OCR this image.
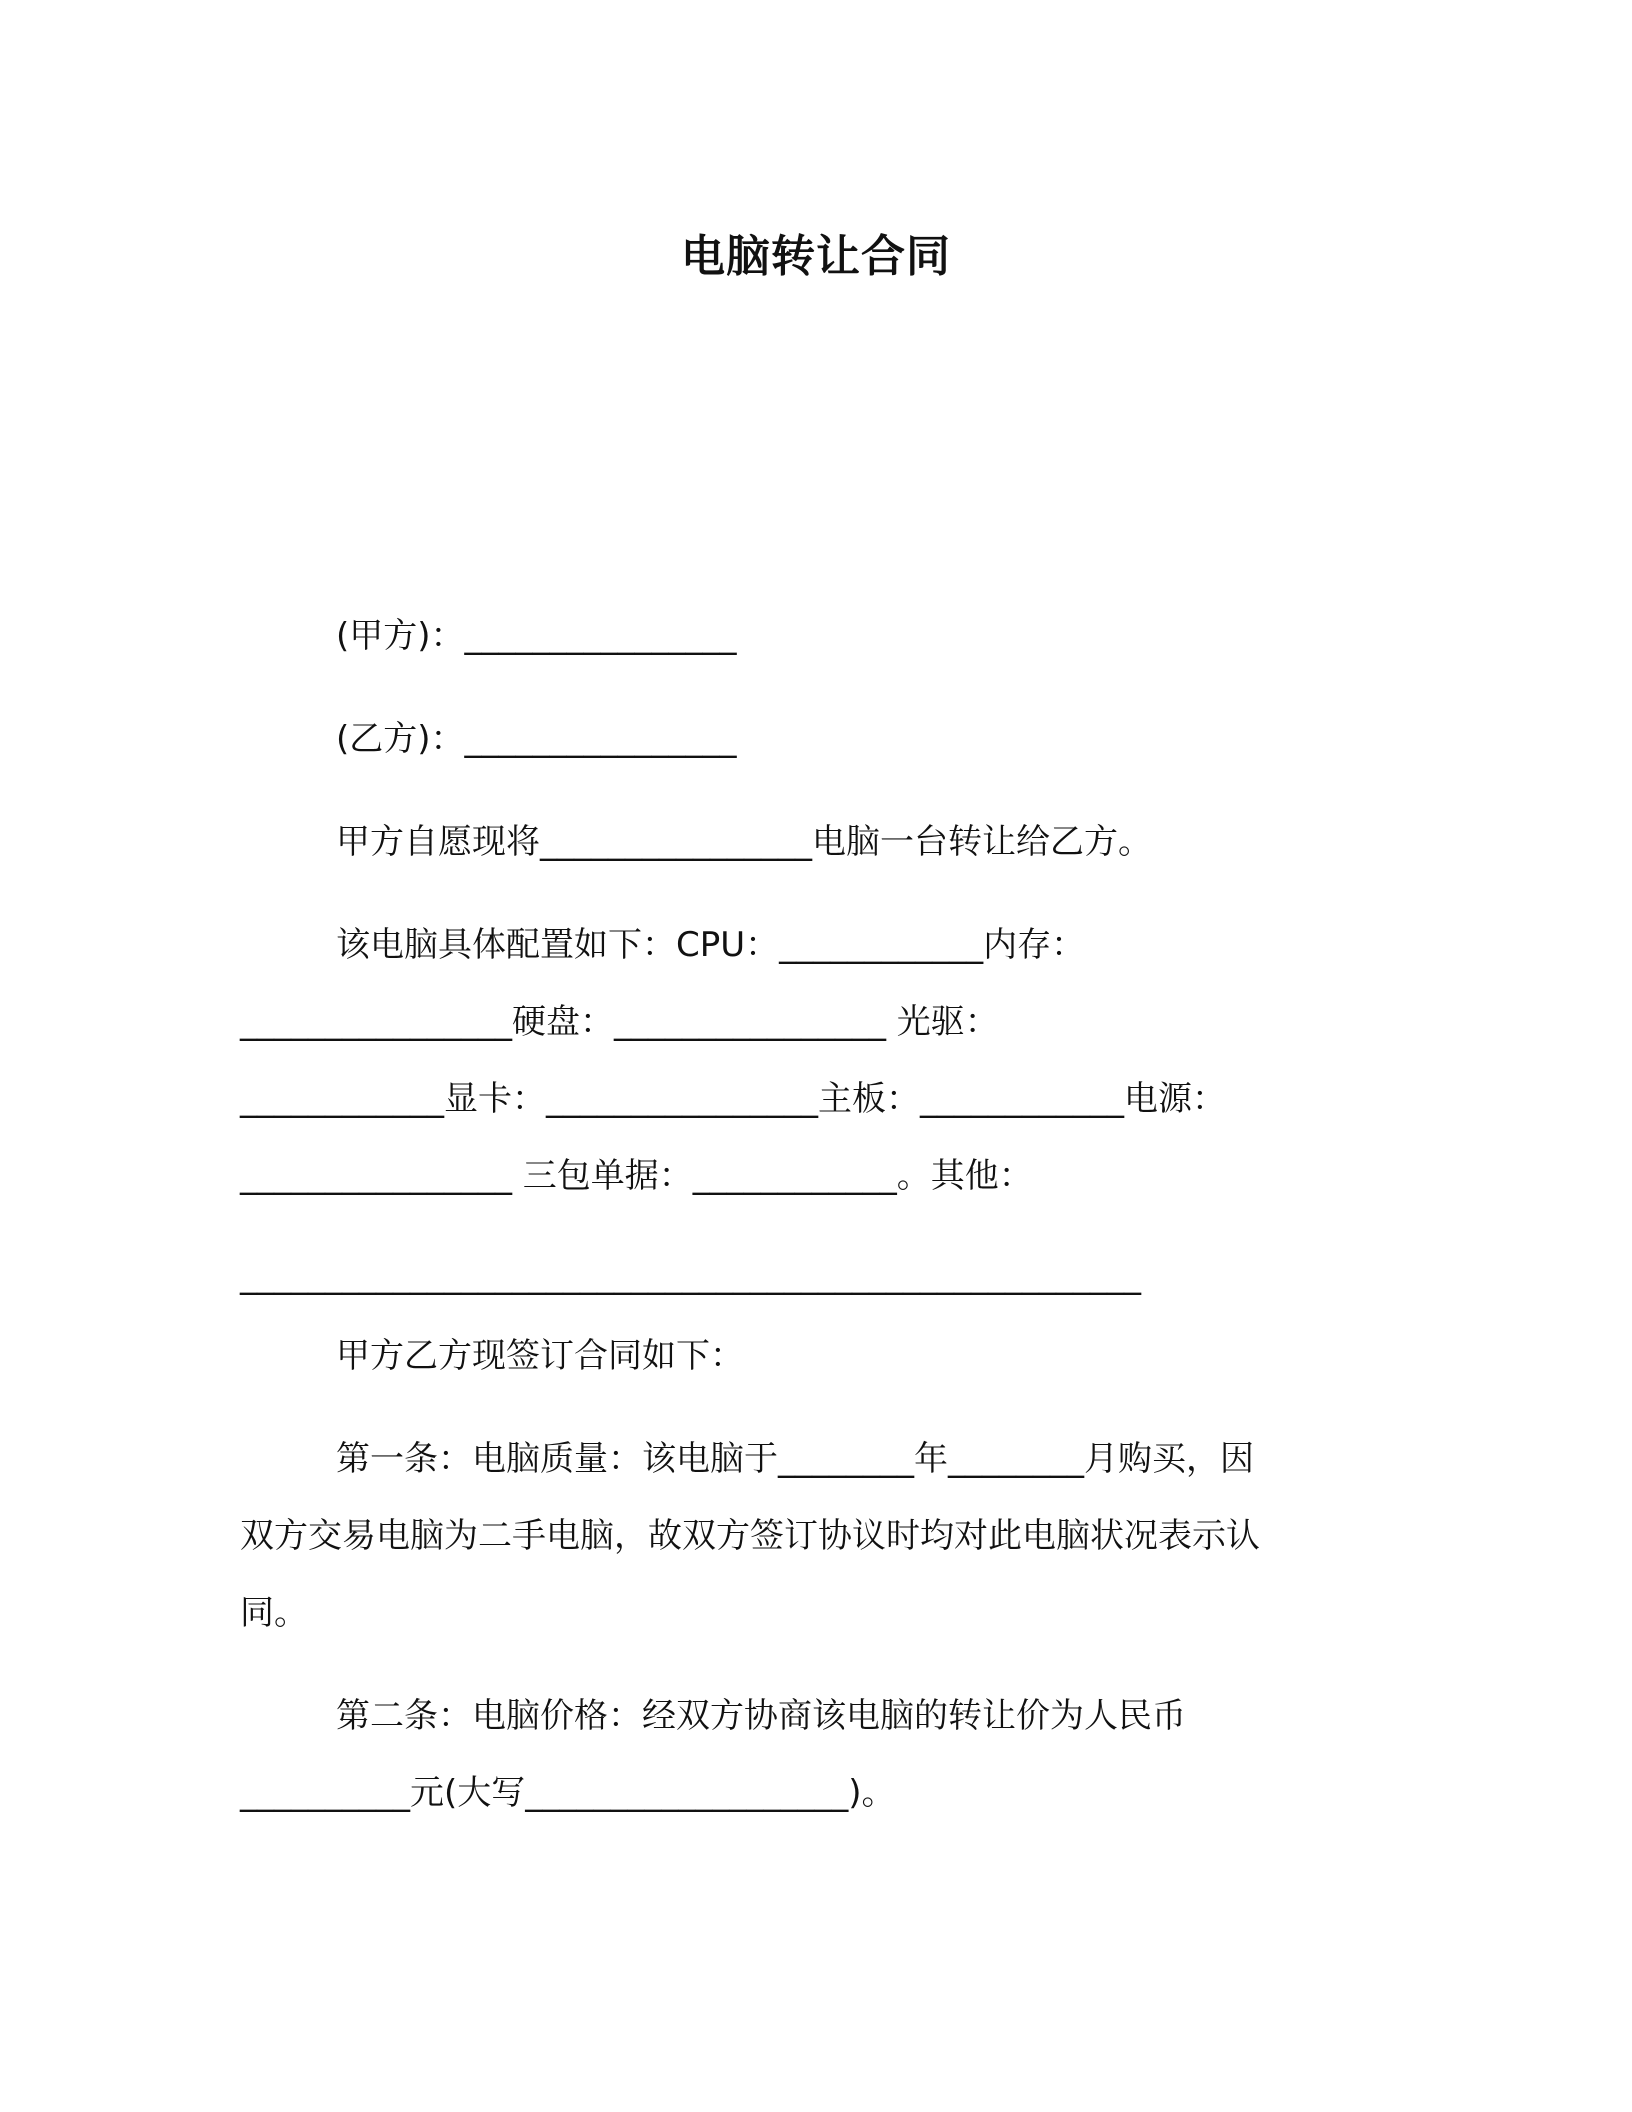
电脑转让合同
(甲方)：________________
(乙方)：________________
甲方自愿现将________________电脑一台转让给乙方。
该电脑具体配置如下：CPU：____________内存：
________________硬盘：________________ 光驱：
____________显卡：________________主板：____________电源：
________________ 三包单据：____________。其他：
_____________________________________________________
甲方乙方现签订合同如下：
第一条：电脑质量：该电脑于________年________月购买，因
双方交易电脑为二手电脑，故双方签订协议时均对此电脑状况表示认
同。
第二条：电脑价格：经双方协商该电脑的转让价为人民币
__________元(大写___________________)。
